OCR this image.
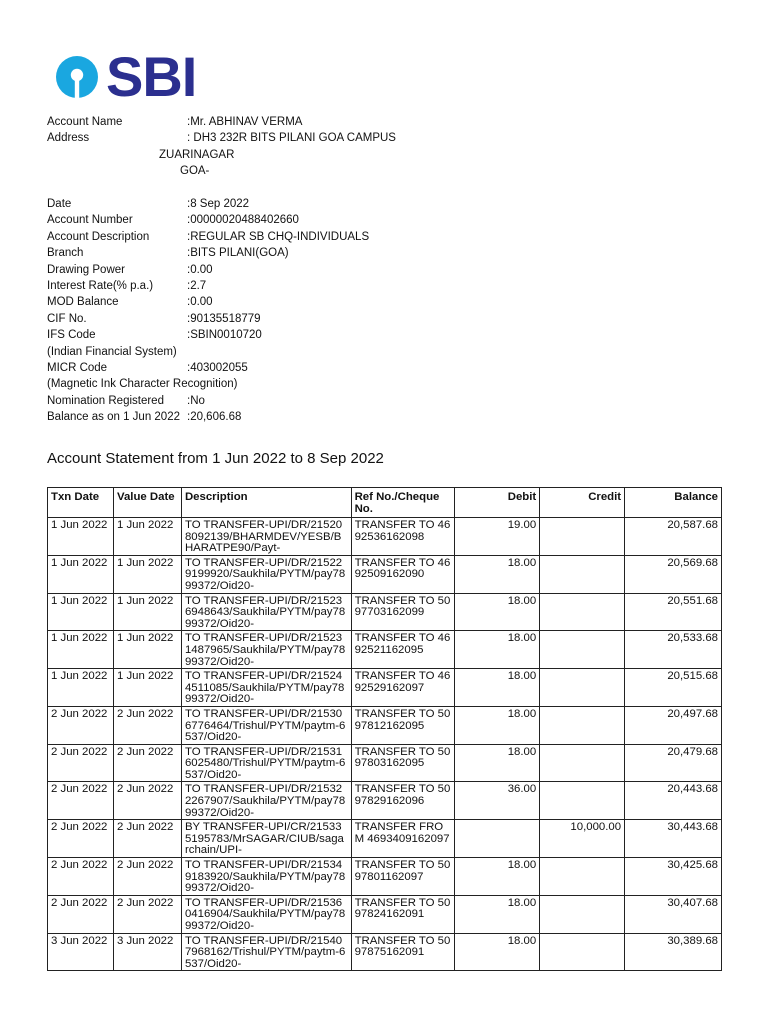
SBI
Account Name	:Mr. ABHINAV VERMA
Address	: DH3 232R BITS PILANI GOA CAMPUS
ZUARINAGAR
GOA-
Date	:8 Sep 2022
Account Number	:00000020488402660
Account Description	:REGULAR SB CHQ-INDIVIDUALS
Branch	:BITS PILANI(GOA)
Drawing Power	:0.00
Interest Rate(% p.a.)	:2.7
MOD Balance	:0.00
CIF No.	:90135518779
IFS Code	:SBIN0010720
(Indian Financial System)
MICR Code	:403002055
(Magnetic Ink Character Recognition)
Nomination Registered :No
Balance as on 1 Jun 2022 :20,606.68
Account Statement from 1 Jun 2022 to 8 Sep 2022
Txn Date	Value Date	Description	Ref No./Cheque No.	Debit	Credit	Balance
1 Jun 2022	1 Jun 2022	TO TRANSFER-UPI/DR/215208092139/BHARMDEV/YESB/BHARATPE90/Payt-	TRANSFER TO 4692536162098	19.00		20,587.68
1 Jun 2022	1 Jun 2022	TO TRANSFER-UPI/DR/215229199920/Saukhila/PYTM/pay7899372/Oid20-	TRANSFER TO 4692509162090	18.00		20,569.68
1 Jun 2022	1 Jun 2022	TO TRANSFER-UPI/DR/215236948643/Saukhila/PYTM/pay7899372/Oid20-	TRANSFER TO 5097703162099	18.00		20,551.68
1 Jun 2022	1 Jun 2022	TO TRANSFER-UPI/DR/215231487965/Saukhila/PYTM/pay7899372/Oid20-	TRANSFER TO 4692521162095	18.00		20,533.68
1 Jun 2022	1 Jun 2022	TO TRANSFER-UPI/DR/215244511085/Saukhila/PYTM/pay7899372/Oid20-	TRANSFER TO 4692529162097	18.00		20,515.68
2 Jun 2022	2 Jun 2022	TO TRANSFER-UPI/DR/215306776464/Trishul/PYTM/paytm-6537/Oid20-	TRANSFER TO 5097812162095	18.00		20,497.68
2 Jun 2022	2 Jun 2022	TO TRANSFER-UPI/DR/215316025480/Trishul/PYTM/paytm-6537/Oid20-	TRANSFER TO 5097803162095	18.00		20,479.68
2 Jun 2022	2 Jun 2022	TO TRANSFER-UPI/DR/215322267907/Saukhila/PYTM/pay7899372/Oid20-	TRANSFER TO 5097829162096	36.00		20,443.68
2 Jun 2022	2 Jun 2022	BY TRANSFER-UPI/CR/215335195783/MrSAGAR/CIUB/sagarchain/UPI-	TRANSFER FROM 4693409162097		10,000.00	30,443.68
2 Jun 2022	2 Jun 2022	TO TRANSFER-UPI/DR/215349183920/Saukhila/PYTM/pay7899372/Oid20-	TRANSFER TO 5097801162097	18.00		30,425.68
2 Jun 2022	2 Jun 2022	TO TRANSFER-UPI/DR/215360416904/Saukhila/PYTM/pay7899372/Oid20-	TRANSFER TO 5097824162091	18.00		30,407.68
3 Jun 2022	3 Jun 2022	TO TRANSFER-UPI/DR/215407968162/Trishul/PYTM/paytm-6537/Oid20-	TRANSFER TO 5097875162091	18.00		30,389.68
